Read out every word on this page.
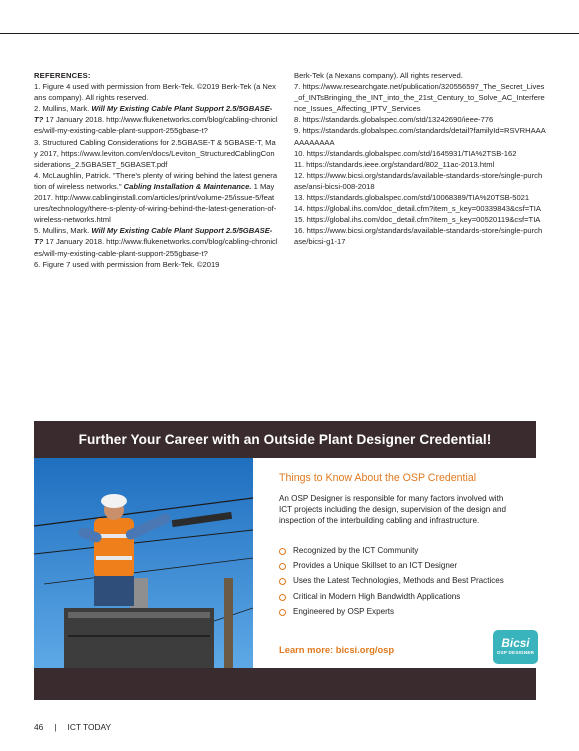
REFERENCES:

1. Figure 4 used with permission from Berk-Tek. ©2019 Berk-Tek (a Nexans company). All rights reserved.

2. Mullins, Mark. Will My Existing Cable Plant Support 2.5/5GBASE-T? 17 January 2018. http://www.flukenetworks.com/blog/cabling-chronicles/will-my-existing-cable-plant-support-255gbase-t?

3. Structured Cabling Considerations for 2.5GBASE-T & 5GBASE-T, May 2017, https://www.leviton.com/en/docs/Leviton_StructuredCablingConsiderations_2.5GBASET_5GBASET.pdf

4. McLaughlin, Patrick. "There's plenty of wiring behind the latest generation of wireless networks." Cabling Installation & Maintenance. 1 May 2017. http://www.cablinginstall.com/articles/print/volume-25/issue-5/features/technology/there-s-plenty-of-wiring-behind-the-latest-generation-of-wireless-networks.html

5. Mullins, Mark. Will My Existing Cable Plant Support 2.5/5GBASE-T? 17 January 2018. http://www.flukenetworks.com/blog/cabling-chronicles/will-my-existing-cable-plant-support-255gbase-t?

6. Figure 7 used with permission from Berk-Tek. ©2019

Berk-Tek (a Nexans company). All rights reserved.

7. https://www.researchgate.net/publication/320556597_The_Secret_Lives_of_INTsBringing_the_INT_into_the_21st_Century_to_Solve_AC_Interference_Issues_Affecting_IPTV_Services

8. https://standards.globalspec.com/std/13242690/ieee-776

9. https://standards.globalspec.com/standards/detail?familyId=RSVRHAAAAAAAAAAA

10. https://standards.globalspec.com/std/1645931/TIA%2TSB-162

11. https://standards.ieee.org/standard/802_11ac-2013.html

12. https://www.bicsi.org/standards/available-standards-store/single-purchase/ansi-bicsi-008-2018

13. https://standards.globalspec.com/std/10068389/TIA%20TSB-5021

14. https://global.ihs.com/doc_detail.cfm?item_s_key=00339843&csf=TIA

15. https://global.ihs.com/doc_detail.cfm?item_s_key=00520119&csf=TIA

16. https://www.bicsi.org/standards/available-standards-store/single-purchase/bicsi-g1-17

Further Your Career with an Outside Plant Designer Credential!
Things to Know About the OSP Credential
An OSP Designer is responsible for many factors involved with ICT projects including the design, supervision of the design and inspection of the interbuilding cabling and infrastructure.
Recognized by the ICT Community
Provides a Unique Skillset to an ICT Designer
Uses the Latest Technologies, Methods and Best Practices
Critical in Modern High Bandwidth Applications
Engineered by OSP Experts
Learn more: bicsi.org/osp	Bicsi
OSP DESIGNER
46 | ICT TODAY
